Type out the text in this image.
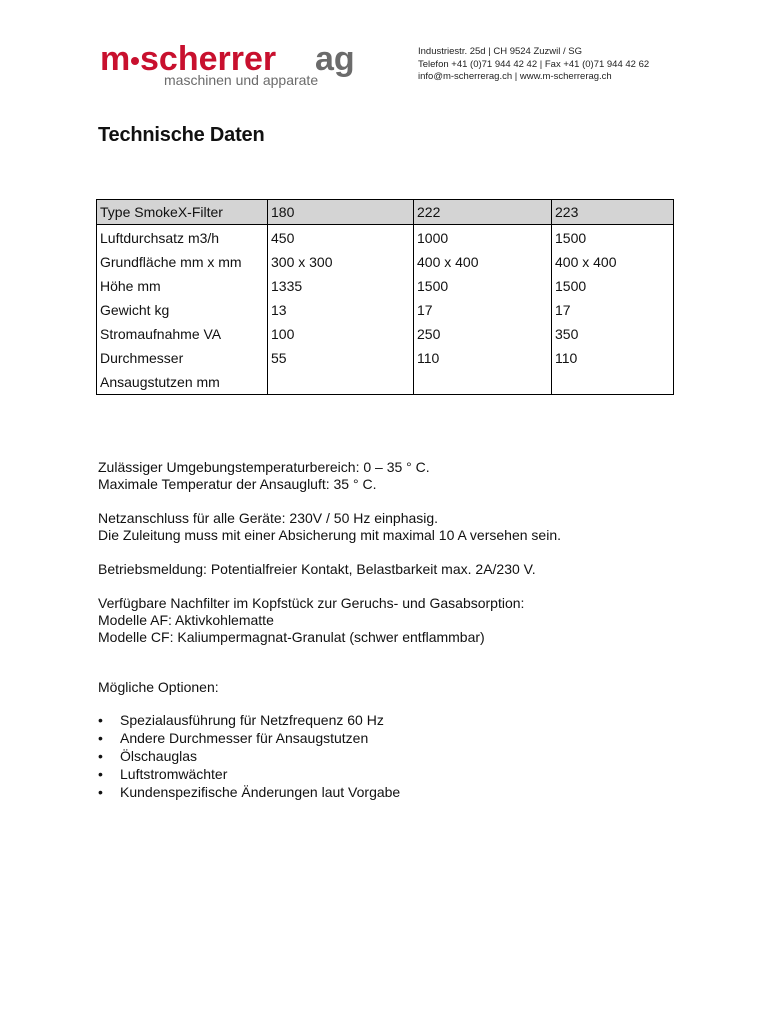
m scherrer ag
maschinen und apparate
Industriestr. 25d | CH 9524 Zuzwil / SG
Telefon +41 (0)71 944 42 42 | Fax +41 (0)71 944 42 62
info@m-scherrerag.ch | www.m-scherrerag.ch
Technische Daten
Type SmokeX-Filter	180	222	223
Luftdurchsatz m3/h	450	1000	1500
Grundfläche mm x mm	300 x 300	400 x 400	400 x 400
Höhe mm	1335	1500	1500
Gewicht kg	13	17	17
Stromaufnahme VA	100	250	350
Durchmesser	55	110	110
Ansaugstutzen mm			

Zulässiger Umgebungstemperaturbereich: 0 – 35 ° C.

Maximale Temperatur der Ansaugluft: 35 ° C.

Netzanschluss für alle Geräte: 230V / 50 Hz einphasig.

Die Zuleitung muss mit einer Absicherung mit maximal 10 A versehen sein.

Betriebsmeldung: Potentialfreier Kontakt, Belastbarkeit max. 2A/230 V.

Verfügbare Nachfilter im Kopfstück zur Geruchs- und Gasabsorption:

Modelle AF: Aktivkohlematte

Modelle CF: Kaliumpermagnat-Granulat (schwer entflammbar)

Mögliche Optionen:

• Spezialausführung für Netzfrequenz 60 Hz
• Andere Durchmesser für Ansaugstutzen
• Ölschauglas
• Luftstromwächter
• Kundenspezifische Änderungen laut Vorgabe
